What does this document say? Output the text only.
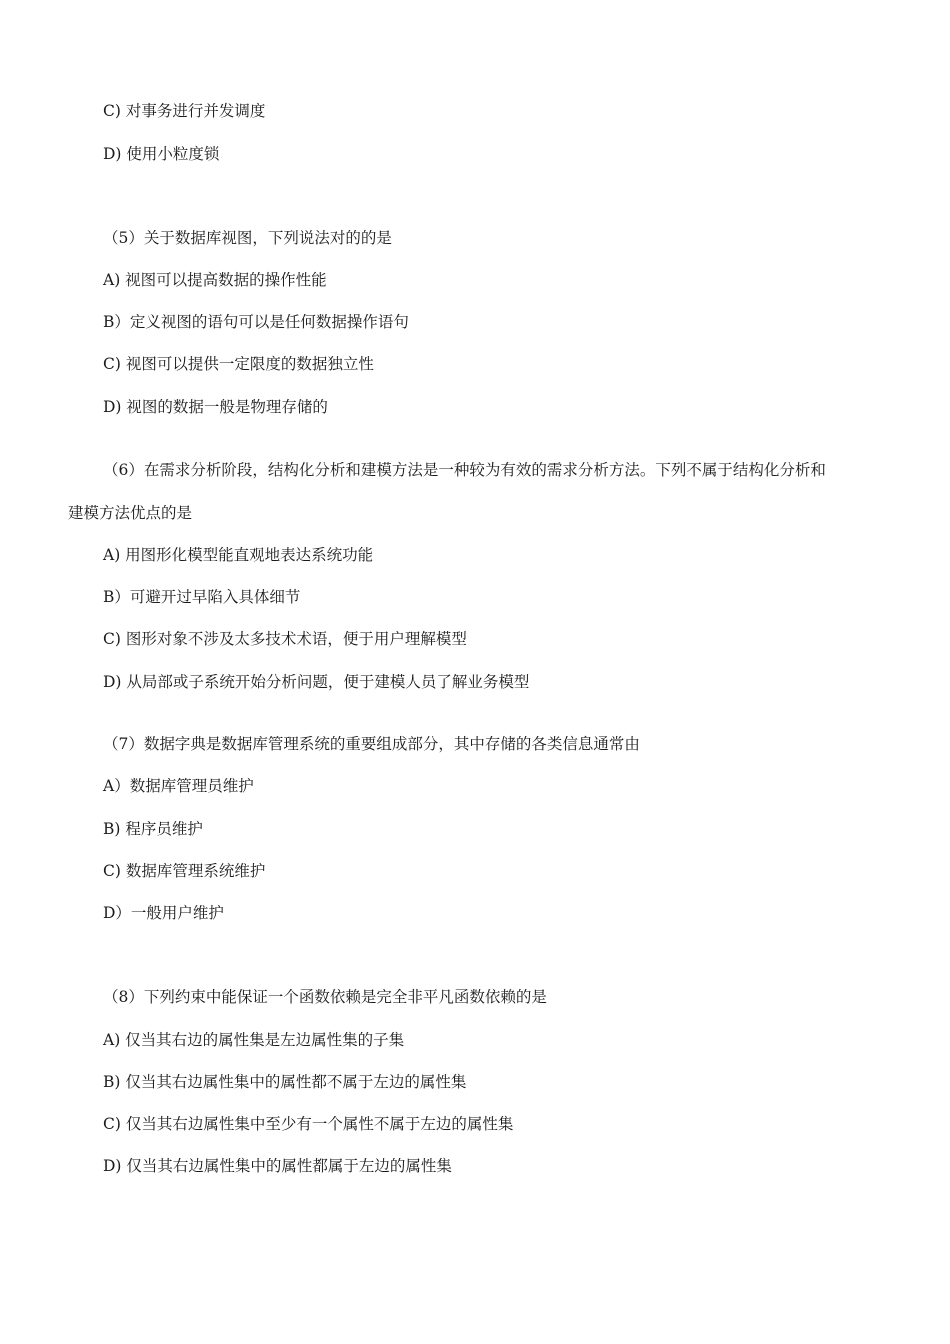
C) 对事务进行并发调度

D) 使用小粒度锁

（5）关于数据库视图，下列说法对的的是

A) 视图可以提高数据的操作性能

B）定义视图的语句可以是任何数据操作语句

C) 视图可以提供一定限度的数据独立性

D) 视图的数据一般是物理存储的

（6）在需求分析阶段，结构化分析和建模方法是一种较为有效的需求分析方法。下列不属于结构化分析和

建模方法优点的是

A) 用图形化模型能直观地表达系统功能

B）可避开过早陷入具体细节

C) 图形对象不涉及太多技术术语，便于用户理解模型

D) 从局部或子系统开始分析问题，便于建模人员了解业务模型

（7）数据字典是数据库管理系统的重要组成部分，其中存储的各类信息通常由

A）数据库管理员维护

B) 程序员维护

C) 数据库管理系统维护

D）一般用户维护

（8）下列约束中能保证一个函数依赖是完全非平凡函数依赖的是

A) 仅当其右边的属性集是左边属性集的子集

B) 仅当其右边属性集中的属性都不属于左边的属性集

C) 仅当其右边属性集中至少有一个属性不属于左边的属性集

D) 仅当其右边属性集中的属性都属于左边的属性集
